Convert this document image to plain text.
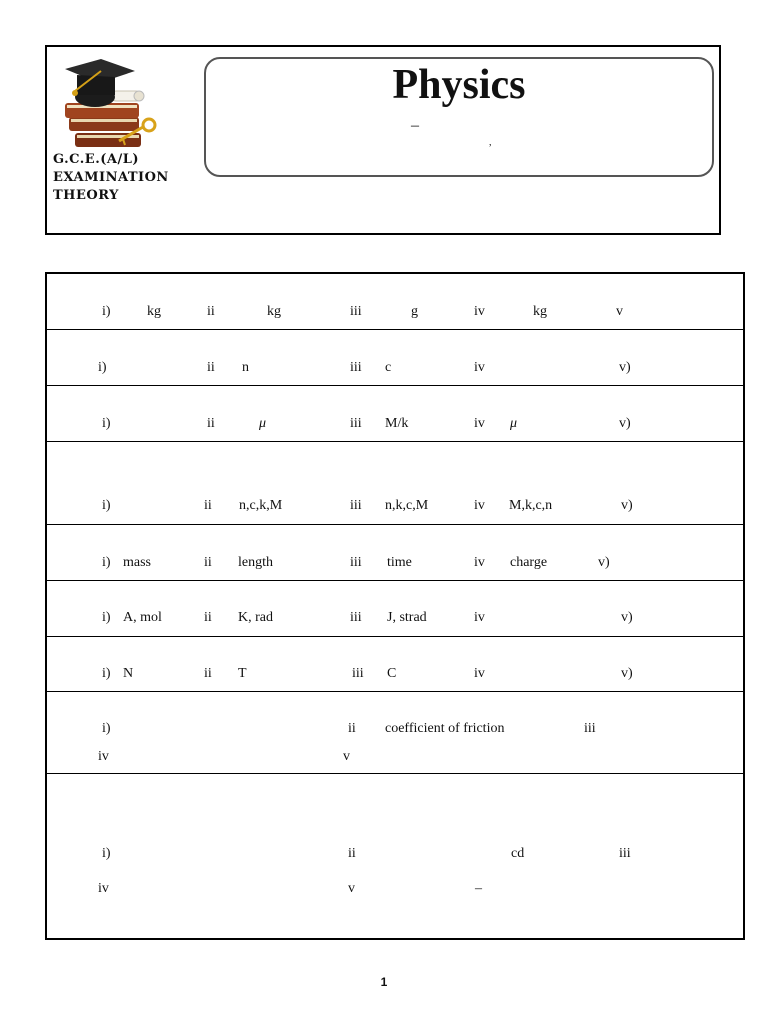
G.C.E.(A/L)
EXAMINATION
THEORY
Physics
–
,
i)	kg	ii	kg	iii	g	iv	kg	v
i)	ii n	iii c	iv	v)
i)	ii	μ	iii M/k	iv μ	v)
i)	ii n,c,k,M	iii n,k,c,M	iv M,k,c,n	v)
i) mass	ii length	iii time	iv charge	v)
i) A, mol	ii K, rad	iii J, strad	iv	v)
i) N	ii T	iii C	iv	v)
i)	ii coefficient of friction	iii
iv	v
i)	ii	cd	iii
iv	v	–
1
